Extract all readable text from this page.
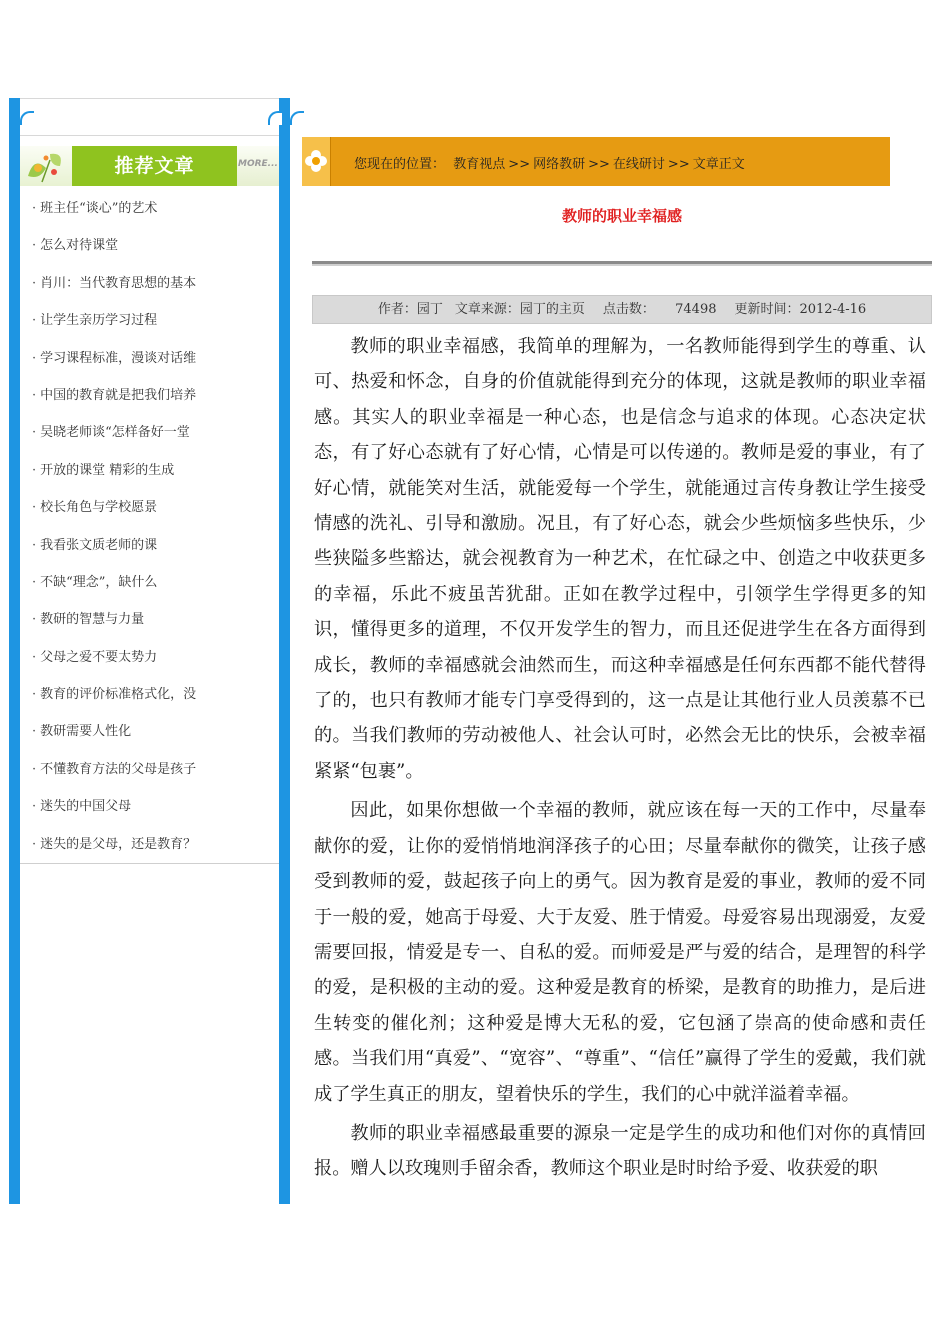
推荐文章	MORE...
· 班主任“谈心”的艺术
· 怎么对待课堂
· 肖川：当代教育思想的基本
· 让学生亲历学习过程
· 学习课程标准，漫谈对话维
· 中国的教育就是把我们培养
· 吴晓老师谈“怎样备好一堂
· 开放的课堂 精彩的生成
· 校长角色与学校愿景
· 我看张文质老师的课
· 不缺“理念”，缺什么
· 教研的智慧与力量
· 父母之爱不要太势力
· 教育的评价标准格式化，没
· 教研需要人性化
· 不懂教育方法的父母是孩子
· 迷失的中国父母
· 迷失的是父母，还是教育？
您现在的位置： 教育视点 >> 网络教研 >> 在线研讨 >> 文章正文
教师的职业幸福感
作者：园丁 文章来源：园丁的主页 点击数： 74498 更新时间：2012-4-16

教师的职业幸福感，我简单的理解为，一名教师能得到学生的尊重、认可、热爱和怀念，自身的价值就能得到充分的体现，这就是教师的职业幸福感。其实人的职业幸福是一种心态，也是信念与追求的体现。心态决定状态，有了好心态就有了好心情，心情是可以传递的。教师是爱的事业，有了好心情，就能笑对生活，就能爱每一个学生，就能通过言传身教让学生接受情感的洗礼、引导和激励。况且，有了好心态，就会少些烦恼多些快乐，少些狭隘多些豁达，就会视教育为一种艺术，在忙碌之中、创造之中收获更多的幸福，乐此不疲虽苦犹甜。正如在教学过程中，引领学生学得更多的知识，懂得更多的道理，不仅开发学生的智力，而且还促进学生在各方面得到成长，教师的幸福感就会油然而生，而这种幸福感是任何东西都不能代替得了的，也只有教师才能专门享受得到的，这一点是让其他行业人员羡慕不已的。当我们教师的劳动被他人、社会认可时，必然会无比的快乐，会被幸福紧紧“包裹”。

因此，如果你想做一个幸福的教师，就应该在每一天的工作中，尽量奉献你的爱，让你的爱悄悄地润泽孩子的心田；尽量奉献你的微笑，让孩子感受到教师的爱，鼓起孩子向上的勇气。因为教育是爱的事业，教师的爱不同于一般的爱，她高于母爱、大于友爱、胜于情爱。母爱容易出现溺爱，友爱需要回报，情爱是专一、自私的爱。而师爱是严与爱的结合，是理智的科学的爱，是积极的主动的爱。这种爱是教育的桥梁，是教育的助推力，是后进生转变的催化剂；这种爱是博大无私的爱，它包涵了崇高的使命感和责任感。当我们用“真爱”、“宽容”、“尊重”、“信任”赢得了学生的爱戴，我们就成了学生真正的朋友，望着快乐的学生，我们的心中就洋溢着幸福。

教师的职业幸福感最重要的源泉一定是学生的成功和他们对你的真情回报。赠人以玫瑰则手留余香，教师这个职业是时时给予爱、收获爱的职
